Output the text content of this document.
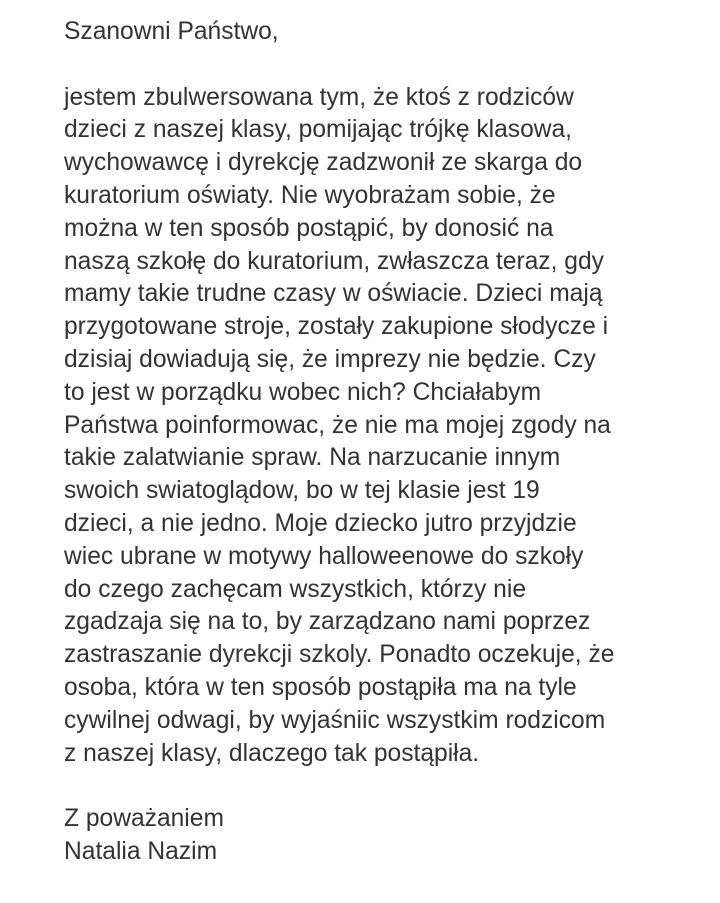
Szanowni Państwo,
jestem zbulwersowana tym, że ktoś z rodziców
dzieci z naszej klasy, pomijając trójkę klasowa,
wychowawcę i dyrekcję zadzwonił ze skarga do
kuratorium oświaty. Nie wyobrażam sobie, że
można w ten sposób postąpić, by donosić na
naszą szkołę do kuratorium, zwłaszcza teraz, gdy
mamy takie trudne czasy w oświacie. Dzieci mają
przygotowane stroje, zostały zakupione słodycze i
dzisiaj dowiadują się, że imprezy nie będzie. Czy
to jest w porządku wobec nich? Chciałabym
Państwa poinformowac, że nie ma mojej zgody na
takie zalatwianie spraw. Na narzucanie innym
swoich swiatoglądow, bo w tej klasie jest 19
dzieci, a nie jedno. Moje dziecko jutro przyjdzie
wiec ubrane w motywy halloweenowe do szkoły
do czego zachęcam wszystkich, którzy nie
zgadzaja się na to, by zarządzano nami poprzez
zastraszanie dyrekcji szkoly. Ponadto oczekuje, że
osoba, która w ten sposób postąpiła ma na tyle
cywilnej odwagi, by wyjaśniic wszystkim rodzicom
z naszej klasy, dlaczego tak postąpiła.
Z poważaniem
Natalia Nazim
